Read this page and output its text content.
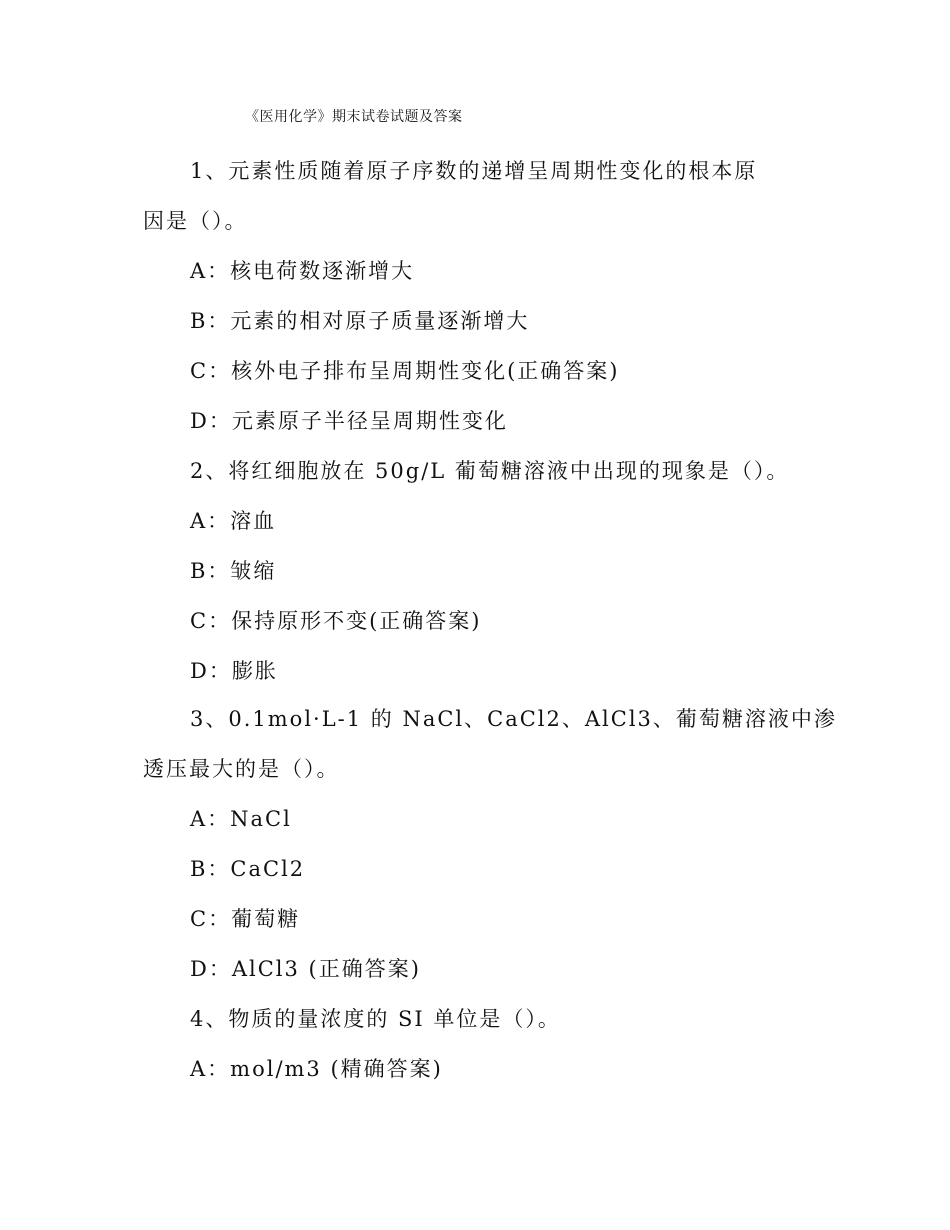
《医用化学》期末试卷试题及答案
1、元素性质随着原子序数的递增呈周期性变化的根本原
因是（）。
A：核电荷数逐渐增大
B：元素的相对原子质量逐渐增大
C：核外电子排布呈周期性变化(正确答案)
D：元素原子半径呈周期性变化
2、将红细胞放在 50g/L 葡萄糖溶液中出现的现象是（）。
A：溶血
B：皱缩
C：保持原形不变(正确答案)
D：膨胀
3、0.1mol·L-1 的 NaCl、CaCl2、AlCl3、葡萄糖溶液中渗
透压最大的是（）。
A：NaCl
B：CaCl2
C：葡萄糖
D：AlCl3 (正确答案)
4、物质的量浓度的 SI 单位是（）。
A：mol/m3 (精确答案)
